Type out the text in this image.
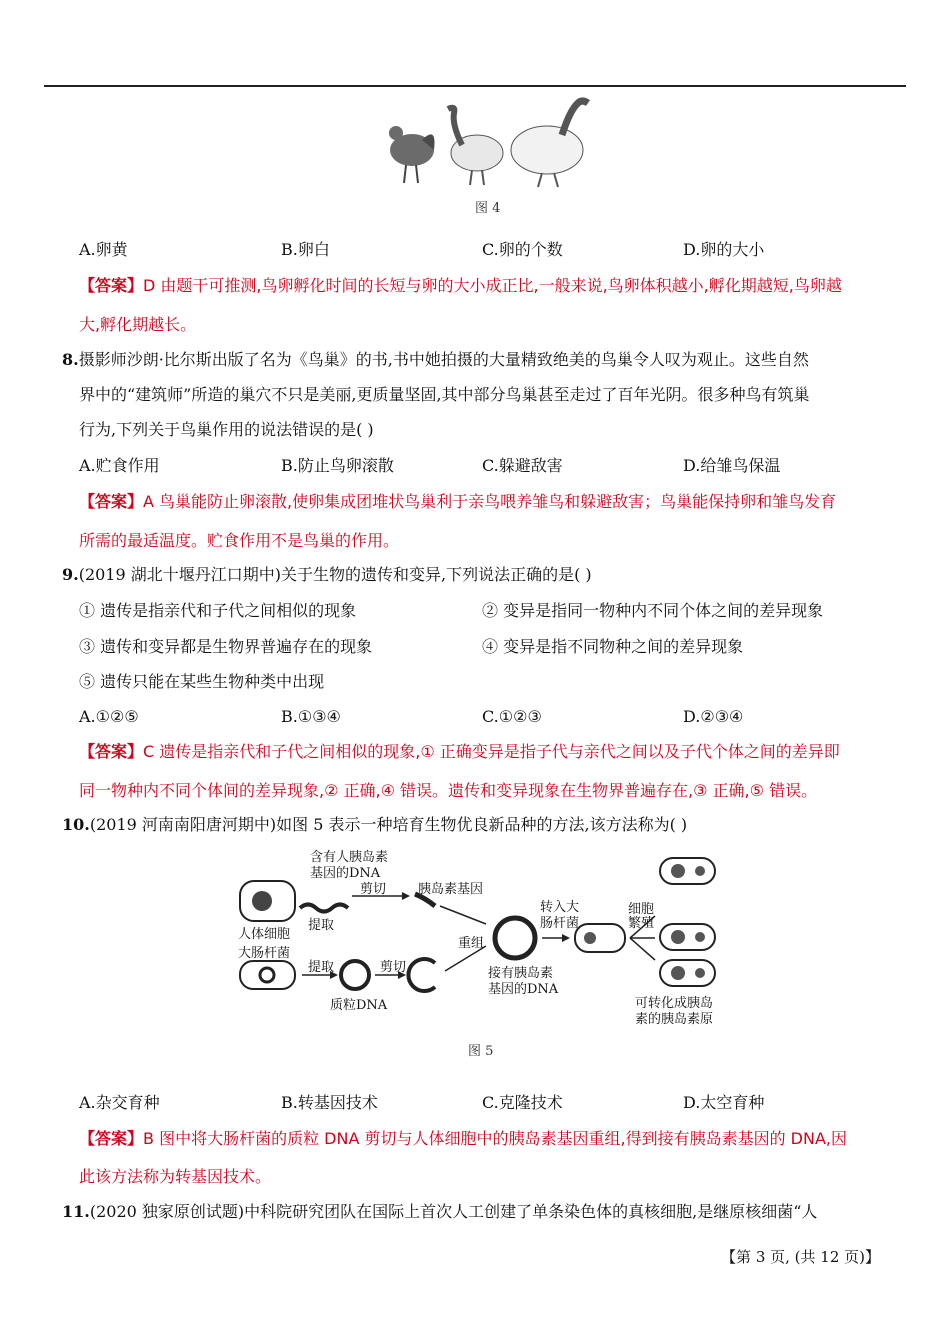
图 4
A.卵黄	B.卵白	C.卵的个数	D.卵的大小
【答案】D 由题干可推测,鸟卵孵化时间的长短与卵的大小成正比,一般来说,鸟卵体积越小,孵化期越短,鸟卵越
大,孵化期越长。
8.摄影师沙朗·比尔斯出版了名为《鸟巢》的书,书中她拍摄的大量精致绝美的鸟巢令人叹为观止。这些自然
界中的“建筑师”所造的巢穴不只是美丽,更质量坚固,其中部分鸟巢甚至走过了百年光阴。很多种鸟有筑巢
行为,下列关于鸟巢作用的说法错误的是( )
A.贮食作用	B.防止鸟卵滚散	C.躲避敌害	D.给雏鸟保温
【答案】A 鸟巢能防止卵滚散,使卵集成团堆状鸟巢利于亲鸟喂养雏鸟和躲避敌害；鸟巢能保持卵和雏鸟发育
所需的最适温度。贮食作用不是鸟巢的作用。
9.(2019 湖北十堰丹江口期中)关于生物的遗传和变异,下列说法正确的是( )
① 遗传是指亲代和子代之间相似的现象	② 变异是指同一物种内不同个体之间的差异现象
③ 遗传和变异都是生物界普遍存在的现象	④ 变异是指不同物种之间的差异现象
⑤ 遗传只能在某些生物种类中出现
A.①②⑤	B.①③④	C.①②③	D.②③④
【答案】C 遗传是指亲代和子代之间相似的现象,① 正确变异是指子代与亲代之间以及子代个体之间的差异即
同一物种内不同个体间的差异现象,② 正确,④ 错误。遗传和变异现象在生物界普遍存在,③ 正确,⑤ 错误。
10.(2019 河南南阳唐河期中)如图 5 表示一种培育生物优良新品种的方法,该方法称为( )
含有人胰岛素
基因的DNA
剪切 胰岛素基因
提取
人体细胞
大肠杆菌
提取	剪切
质粒DNA
重组
接有胰岛素
基因的DNA
转入大
肠杆菌
细胞
繁殖
可转化成胰岛
素的胰岛素原
图 5
A.杂交育种	B.转基因技术	C.克隆技术	D.太空育种
【答案】B 图中将大肠杆菌的质粒 DNA 剪切与人体细胞中的胰岛素基因重组,得到接有胰岛素基因的 DNA,因
此该方法称为转基因技术。
11.(2020 独家原创试题)中科院研究团队在国际上首次人工创建了单条染色体的真核细胞,是继原核细菌“人
【第 3 页, (共 12 页)】
